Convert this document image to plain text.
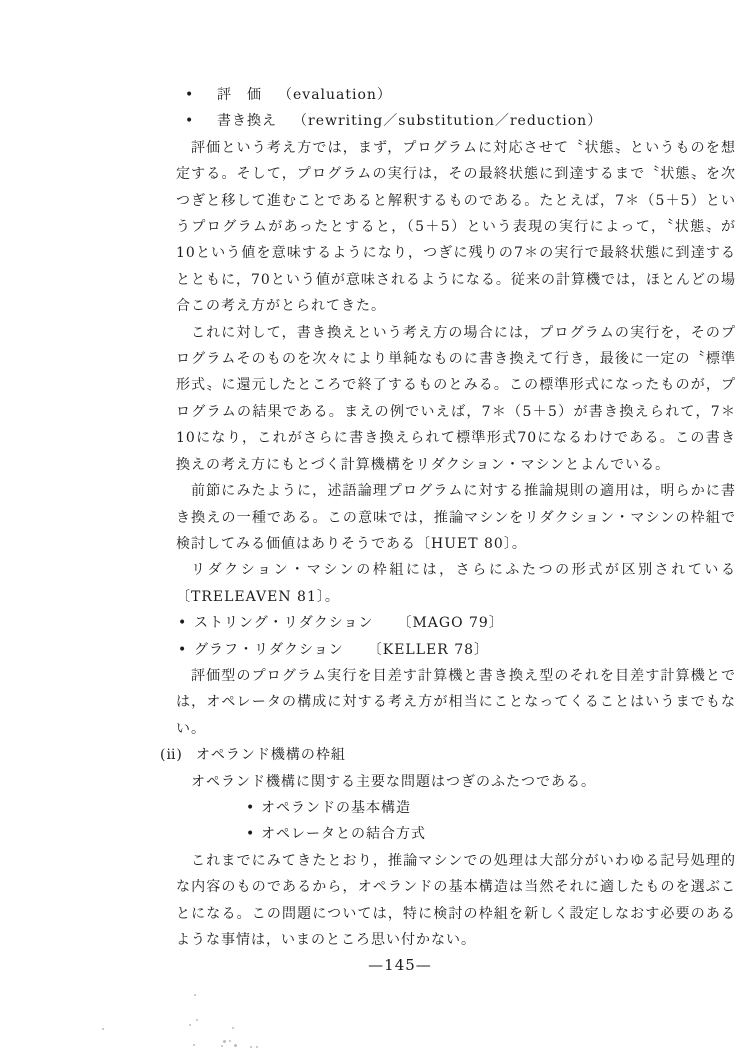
• 評　価 （evaluation）
• 書き換え （rewriting／substitution／reduction）

評価という考え方では，まず，プログラムに対応させて〝状態〟というものを想定する。そして，プログラムの実行は，その最終状態に到達するまで〝状態〟を次つぎと移して進むことであると解釈するものである。たとえば，7＊（5＋5）というプログラムがあったとすると，（5＋5）という表現の実行によって，〝状態〟が10という値を意味するようになり，つぎに残りの7＊の実行で最終状態に到達するとともに，70という値が意味されるようになる。従来の計算機では，ほとんどの場合この考え方がとられてきた。

これに対して，書き換えという考え方の場合には，プログラムの実行を，そのプログラムそのものを次々により単純なものに書き換えて行き，最後に一定の〝標準形式〟に還元したところで終了するものとみる。この標準形式になったものが，プログラムの結果である。まえの例でいえば，7＊（5＋5）が書き換えられて，7＊10になり，これがさらに書き換えられて標準形式70になるわけである。この書き換えの考え方にもとづく計算機構をリダクション・マシンとよんでいる。

前節にみたように，述語論理プログラムに対する推論規則の適用は，明らかに書き換えの一種である。この意味では，推論マシンをリダクション・マシンの枠組で検討してみる価値はありそうである〔HUET 80〕。

リダクション・マシンの枠組には，さらにふたつの形式が区別されている〔TRELEAVEN 81〕。

• ストリング・リダクション 〔MAGO 79〕
• グラフ・リダクション 〔KELLER 78〕

評価型のプログラム実行を目差す計算機と書き換え型のそれを目差す計算機とでは，オペレータの構成に対する考え方が相当にことなってくることはいうまでもない。

(ⅱ) オペランド機構の枠組

オペランド機構に関する主要な問題はつぎのふたつである。

• オペランドの基本構造
• オペレータとの結合方式

これまでにみてきたとおり，推論マシンでの処理は大部分がいわゆる記号処理的な内容のものであるから，オペランドの基本構造は当然それに適したものを選ぶことになる。この問題については，特に検討の枠組を新しく設定しなおす必要のあるような事情は，いまのところ思い付かない。

—145—
